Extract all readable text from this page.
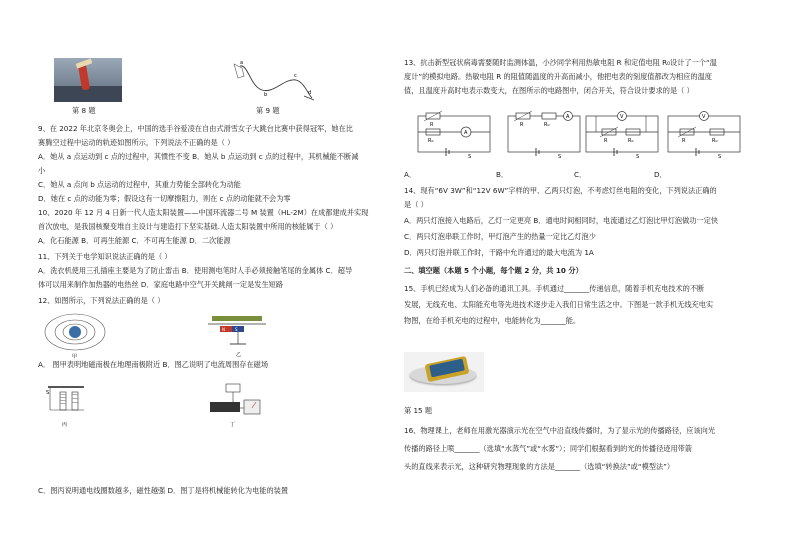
第 8 题
a
b
c
d
第 9 题
9、在 2022 年北京冬奥会上，中国的选手谷爱凌在自由式滑雪女子大跳台比赛中获得冠军，她在比
赛腾空过程中运动的轨迹如图所示，下列说法不正确的是（ ）
A．她从 a 点运动到 c 点的过程中，其惯性不变 B．她从 b 点运动到 c 点的过程中，其机械能不断减
小
C．她从 a 点向 b 点运动的过程中，其重力势能全部转化为动能
D．她在 c 点的动能为零；假设这有一切摩擦阻力，则在 c 点的动能就不会为零
10、2020 年 12 月 4 日新一代人造太阳装置——中国环流器二号 M 装置（HL-2M）在成都建成并实现
首次放电，是我国核聚变堆自主设计与建造打下坚实基础.人造太阳装置中所用的核能属于（ ）
A．化石能源 B．可再生能源 C．不可再生能源 D．二次能源
11、下列关于电学知识说法正确的是（ ）
A．洗衣机使用三孔插座主要是为了防止雷击 B．使用测电笔时人手必须接触笔尾的金属体 C．超导
体可以用来制作加热器的电热丝 D．家庭电路中空气开关跳闸一定是发生短路
12、如图所示，下列说法正确的是（ ）
甲
N	S
乙
A． 图甲表明地磁南极在地理南极附近 B．图乙说明了电流周围存在磁场
S
丙	丁
C．图丙说明通电线圈数越多，磁性越强 D．图丁是将机械能转化为电能的装置
13、抗击新型冠状病毒需要随时监测体温，小沙同学利用热敏电阻 R 和定值电阻 R₀设计了一个“温
度计”的模拟电路。热敏电阻 R 的阻值随温度的升高而减小，他把电表的刻度值都改为相应的温度
值，且温度升高时电表示数变大，在图所示的电路图中，闭合开关，符合设计要求的是（ ）
R
R₀
A
S
A
R	R₀
S
V
R	R₀
S
V
R	R₀
S
A．	B．	C．	D．
14、现有“6V 3W”和“12V 6W”字样的甲、乙两只灯泡，不考虑灯丝电阻的变化，下列说法正确的
是（ ）
A．两只灯泡接入电路后，乙灯一定更亮 B．通电时间相同时，电流通过乙灯泡比甲灯泡做功一定快
C．两只灯泡串联工作时，甲灯泡产生的热量一定比乙灯泡少
D．两只灯泡并联工作时，干路中允许通过的最大电流为 1A
二、填空题（本题 5 个小题，每个题 2 分，共 10 分）
15、手机已经成为人们必备的通讯工具。手机通过_______传递信息，随着手机充电技术的不断
发展，无线充电、太阳能充电等先进技术逐步走入我们日常生活之中。下图是一款手机无线充电实
物图，在给手机充电的过程中，电能转化为_______能。
第 15 题
16、物理课上，老师在用激光器演示光在空气中沿直线传播时，为了显示光的传播路径，应该向光
传播的路径上喷_______（选填“水蒸气”或“水雾”）；同学们根据看到的光的传播径迹用带箭
头的直线来表示光，这种研究物理现象的方法是_______（选填“转换法”或“模型法”）
